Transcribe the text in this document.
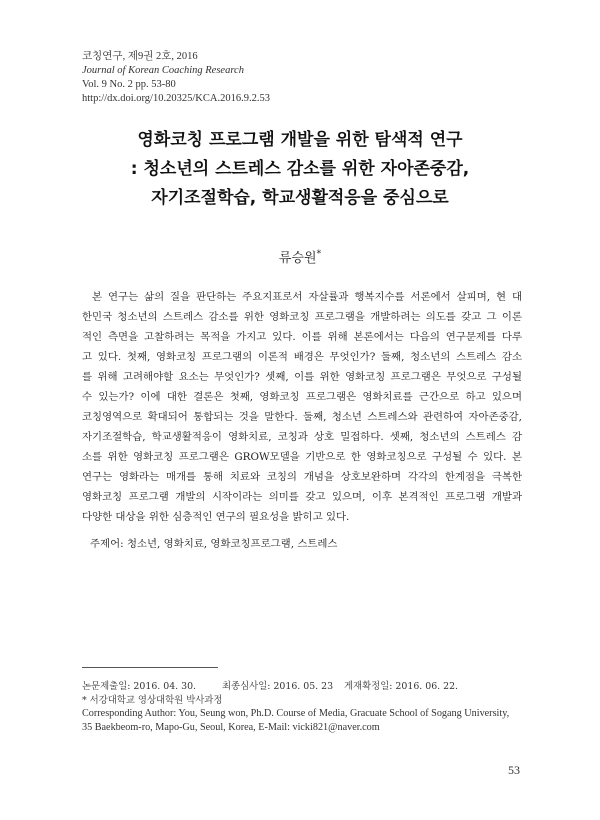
코칭연구, 제9권 2호, 2016
Journal of Korean Coaching Research
Vol. 9 No. 2 pp. 53-80
http://dx.doi.org/10.20325/KCA.2016.9.2.53
영화코칭 프로그램 개발을 위한 탐색적 연구
: 청소년의 스트레스 감소를 위한 자아존중감,
자기조절학습, 학교생활적응을 중심으로
류승원*
본 연구는 삶의 질을 판단하는 주요지표로서 자살률과 행복지수를 서론에서 살피며, 현 대
한민국 청소년의 스트레스 감소를 위한 영화코칭 프로그램을 개발하려는 의도를 갖고 그 이론
적인 측면을 고찰하려는 목적을 가지고 있다. 이를 위해 본론에서는 다음의 연구문제를 다루
고 있다. 첫째, 영화코칭 프로그램의 이론적 배경은 무엇인가? 둘째, 청소년의 스트레스 감소
를 위해 고려해야할 요소는 무엇인가? 셋째, 이를 위한 영화코칭 프로그램은 무엇으로 구성될
수 있는가? 이에 대한 결론은 첫째, 영화코칭 프로그램은 영화치료를 근간으로 하고 있으며
코칭영역으로 확대되어 통합되는 것을 말한다. 둘째, 청소년 스트레스와 관련하여 자아존중감,
자기조절학습, 학교생활적응이 영화치료, 코칭과 상호 밀접하다. 셋째, 청소년의 스트레스 감
소를 위한 영화코칭 프로그램은 GROW모델을 기반으로 한 영화코칭으로 구성될 수 있다. 본
연구는 영화라는 매개를 통해 치료와 코칭의 개념을 상호보완하며 각각의 한계점을 극복한
영화코칭 프로그램 개발의 시작이라는 의미를 갖고 있으며, 이후 본격적인 프로그램 개발과
다양한 대상을 위한 심층적인 연구의 필요성을 밝히고 있다.
주제어: 청소년, 영화치료, 영화코칭프로그램, 스트레스
논문제출일: 2016. 04. 30.	최종심사일: 2016. 05. 23 게재확정일: 2016. 06. 22.
* 서강대학교 영상대학원 박사과정
Corresponding Author: You, Seung won, Ph.D. Course of Media, Gracuate School of Sogang University,
35 Baekbeom-ro, Mapo-Gu, Seoul, Korea, E-Mail: vicki821@naver.com
53
